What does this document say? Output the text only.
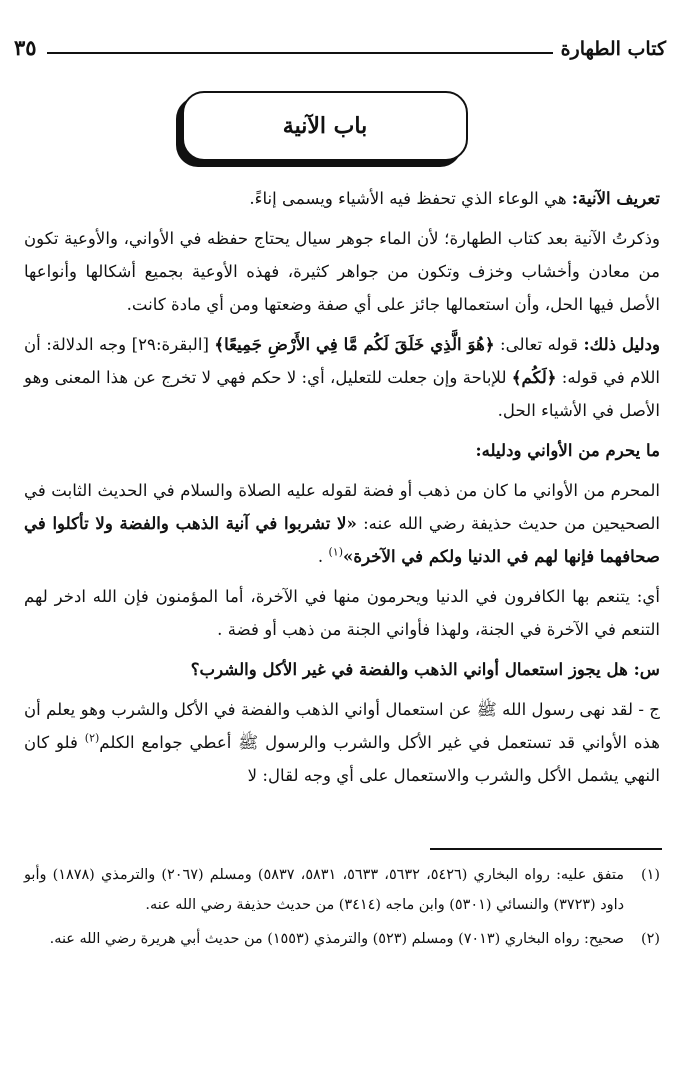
كتاب الطهارة
٣٥
باب الآنية

تعريف الآنية: هي الوعاء الذي تحفظ فيه الأشياء ويسمى إناءً.

وذكرتُ الآنية بعد كتاب الطهارة؛ لأن الماء جوهر سيال يحتاج حفظه في الأواني، والأوعية تكون من معادن وأخشاب وخزف وتكون من جواهر كثيرة، فهذه الأوعية بجميع أشكالها وأنواعها الأصل فيها الحل، وأن استعمالها جائز على أي صفة وضعتها ومن أي مادة كانت.

ودليل ذلك: قوله تعالى: ﴿هُوَ الَّذِي خَلَقَ لَكُم مَّا فِي الأَرْضِ جَمِيعًا﴾ [البقرة:٢٩] وجه الدلالة: أن اللام في قوله: ﴿لَكُم﴾ للإباحة وإن جعلت للتعليل، أي: لا حكم فهي لا تخرج عن هذا المعنى وهو الأصل في الأشياء الحل.

ما يحرم من الأواني ودليله:

المحرم من الأواني ما كان من ذهب أو فضة لقوله عليه الصلاة والسلام في الحديث الثابت في الصحيحين من حديث حذيفة رضي الله عنه: «لا تشربوا في آنية الذهب والفضة ولا تأكلوا في صحافهما فإنها لهم في الدنيا ولكم في الآخرة»$^{(١)}$ .

أي: يتنعم بها الكافرون في الدنيا ويحرمون منها في الآخرة، أما المؤمنون فإن الله ادخر لهم التنعم في الآخرة في الجنة، ولهذا فأواني الجنة من ذهب أو فضة .

س: هل يجوز استعمال أواني الذهب والفضة في غير الأكل والشرب؟

ج - لقد نهى رسول الله ﷺ عن استعمال أواني الذهب والفضة في الأكل والشرب وهو يعلم أن هذه الأواني قد تستعمل في غير الأكل والشرب والرسول ﷺ أعطي جوامع الكلم$^{(٢)}$ فلو كان النهي يشمل الأكل والشرب والاستعمال على أي وجه لقال: لا

(١)
متفق عليه: رواه البخاري (٥٤٢٦، ٥٦٣٢، ٥٦٣٣، ٥٨٣١، ٥٨٣٧) ومسلم (٢٠٦٧) والترمذي (١٨٧٨) وأبو داود (٣٧٢٣) والنسائي (٥٣٠١) وابن ماجه (٣٤١٤) من حديث حذيفة رضي الله عنه.
(٢)
صحيح: رواه البخاري (٧٠١٣) ومسلم (٥٢٣) والترمذي (١٥٥٣) من حديث أبي هريرة رضي الله عنه.
